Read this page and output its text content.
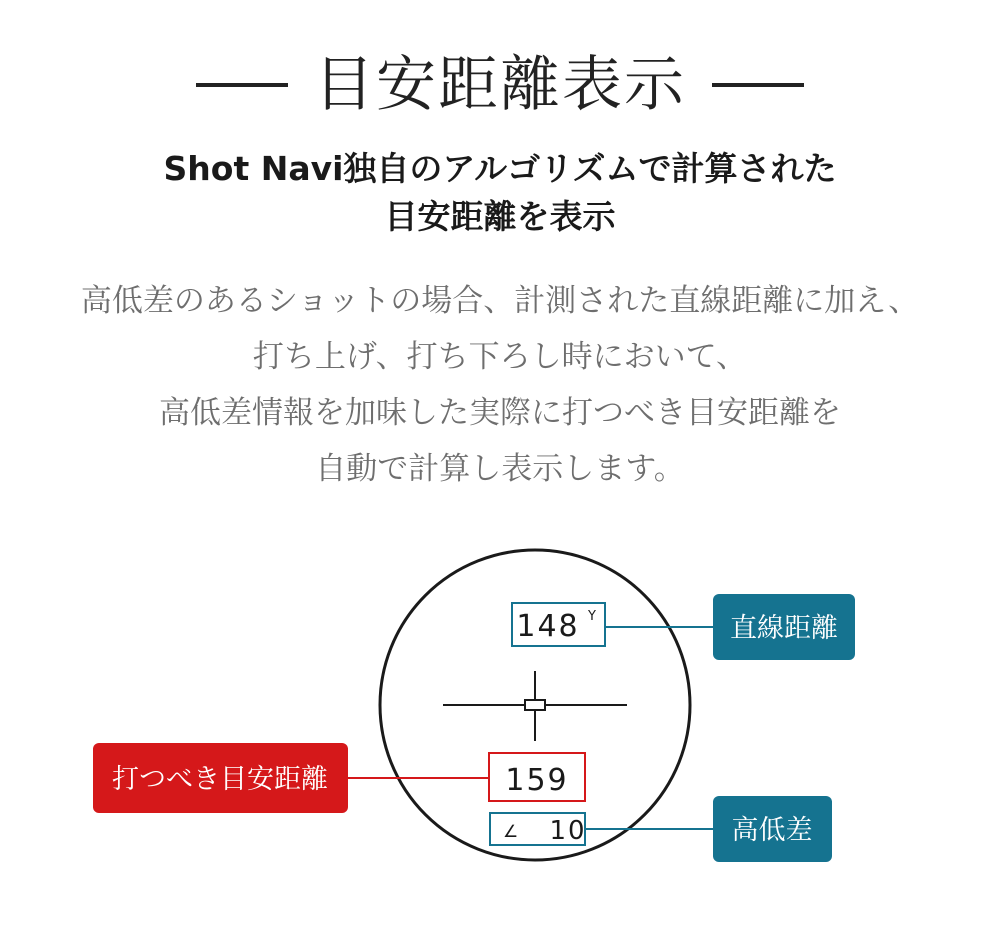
目安距離表示
Shot Navi独自のアルゴリズムで計算された
目安距離を表示
高低差のあるショットの場合、計測された直線距離に加え、
打ち上げ、打ち下ろし時において、
高低差情報を加味した実際に打つべき目安距離を
自動で計算し表示します。
148 Y	直線距離
159
打つべき目安距離
∠ 10	高低差
